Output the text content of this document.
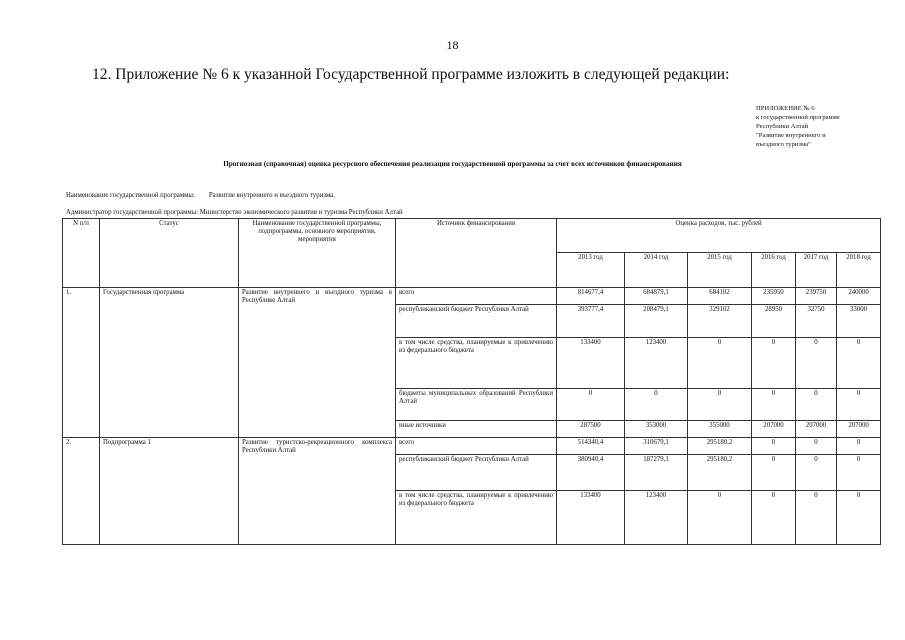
18
12. Приложение № 6 к указанной Государственной программе изложить в следующей редакции:
ПРИЛОЖЕНИЕ № 6
к государственной программе
Республики Алтай
"Развитие внутреннего и
въездного туризма"
Прогнозная (справочная) оценка ресурсного обеспечения реализации государственной программы за счет всех источников финансирования
Наименование государственной программы: Развитие внутреннего и въездного туризма.
Администратор государственной программы: Министерство экономического развития и туризма Республики Алтай
N п/п	Статус	Наименование государственной программы, подпрограммы, основного мероприятия, мероприятия	Источник финансирования	Оценка расходов, тыс. рублей					
				2013 год	2014 год	2015 год	2016 год	2017 год	2018 год
1.	Государственная программа	Развитие внутреннего и въездного туризма в Республике Алтай	всего	814677,4	684879,1	684102	235950	239750	240000
			республиканский бюджет Республики Алтай	393777,4	208479,1	329102	28950	32750	33000
			в том числе средства, планируемые к привлечению из федерального бюджета	133400	123400	0	0	0	0
			бюджеты муниципальных образований Республики Алтай	0	0	0	0	0	0
			иные источники	287500	353000	355000	207000	207000	207000
2.	Подпрограмма 1	Развитие туристско-рекреационного комплекса Республики Алтай	всего	514340,4	310679,1	295180,2	0	0	0
			республиканский бюджет Республики Алтай	380940,4	187279,1	295180,2	0	0	0
			в том числе средства, планируемые к привлечению из федерального бюджета	133400	123400	0	0	0	0
